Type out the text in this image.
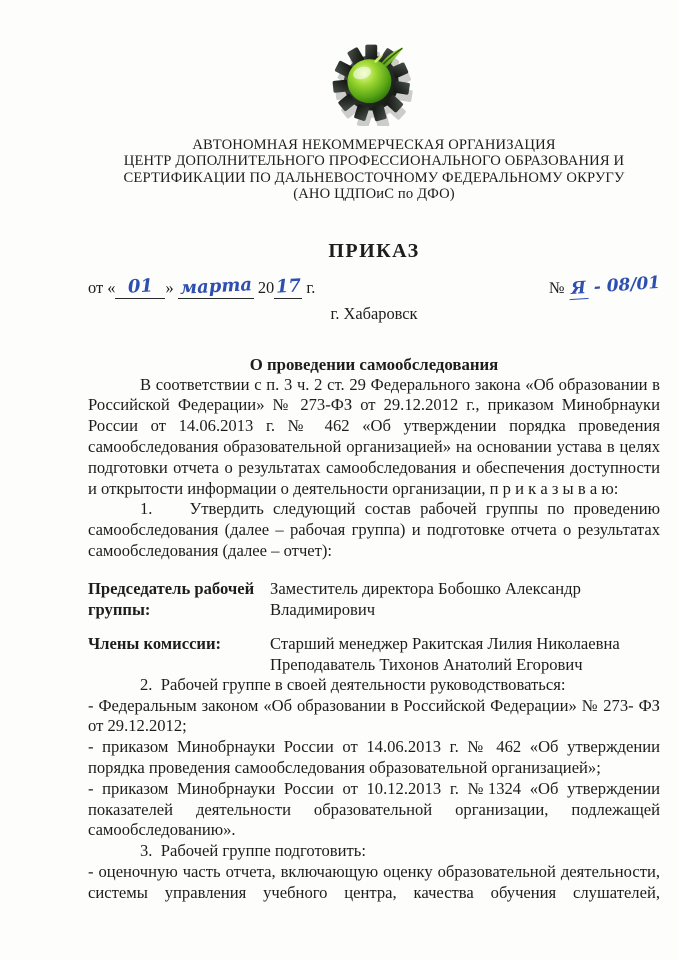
АВТОНОМНАЯ НЕКОММЕРЧЕСКАЯ ОРГАНИЗАЦИЯ
ЦЕНТР ДОПОЛНИТЕЛЬНОГО ПРОФЕССИОНАЛЬНОГО ОБРАЗОВАНИЯ И
СЕРТИФИКАЦИИ ПО ДАЛЬНЕВОСТОЧНОМУ ФЕДЕРАЛЬНОМУ ОКРУГУ
(АНО ЦДПОиС по ДФО)
ПРИКАЗ
от « 01 » марта 2017 г.	№ Я - 08/01
г. Хабаровск
О проведении самообследования

В соответствии с п. 3 ч. 2 ст. 29 Федерального закона «Об образовании в Российской Федерации» № 273-ФЗ от 29.12.2012 г., приказом Минобрнауки России от 14.06.2013 г. № 462 «Об утверждении порядка проведения самообследования образовательной организацией» на основании устава в целях подготовки отчета о результатах самообследования и обеспечения доступности и открытости информации о деятельности организации, п р и к а з ы в а ю:

1.    Утвердить следующий состав рабочей группы по проведению самообследования (далее – рабочая группа) и подготовке отчета о результатах самообследования (далее – отчет):

Председатель рабочей группы:
Заместитель директора Бобошко Александр Владимирович
Члены комиссии:	Старший менеджер Ракитская Лилия Николаевна
Преподаватель Тихонов Анатолий Егорович

2.  Рабочей группе в своей деятельности руководствоваться:

- Федеральным законом «Об образовании в Российской Федерации» № 273- ФЗ от 29.12.2012;

- приказом Минобрнауки России от 14.06.2013 г. № 462 «Об утверждении порядка проведения самообследования образовательной организацией»;

- приказом Минобрнауки России от 10.12.2013 г. №1324 «Об утверждении показателей деятельности образовательной организации, подлежащей самообследованию».

3.  Рабочей группе подготовить:

- оценочную часть отчета, включающую оценку образовательной деятельности, системы управления учебного центра, качества обучения слушателей,
